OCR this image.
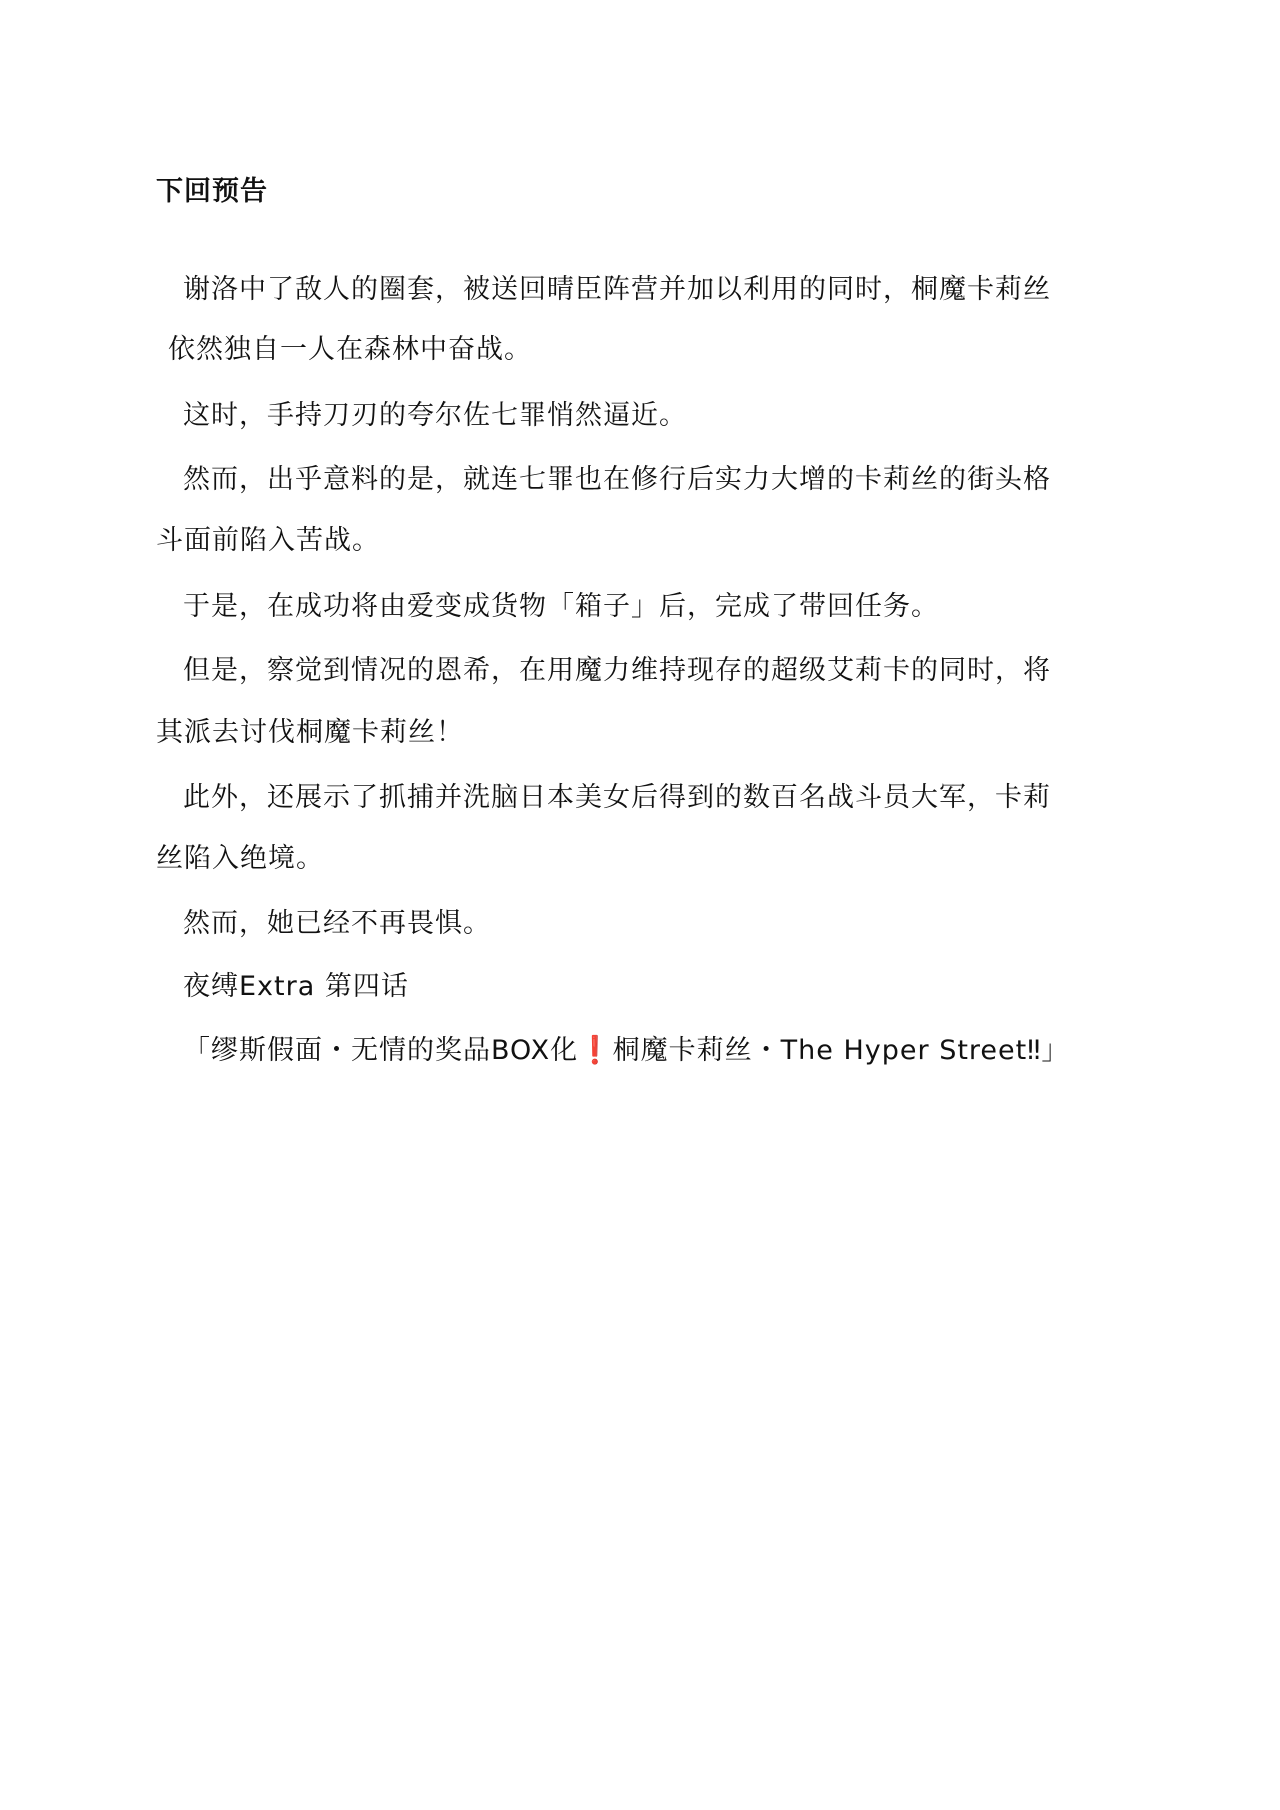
下回预告
谢洛中了敌人的圈套，被送回晴臣阵营并加以利用的同时，桐魔卡莉丝
依然独自一人在森林中奋战。
这时，手持刀刃的夸尔佐七罪悄然逼近。
然而，出乎意料的是，就连七罪也在修行后实力大增的卡莉丝的街头格
斗面前陷入苦战。
于是，在成功将由爱变成货物「箱子」后，完成了带回任务。
但是，察觉到情况的恩希，在用魔力维持现存的超级艾莉卡的同时，将
其派去讨伐桐魔卡莉丝！
此外，还展示了抓捕并洗脑日本美女后得到的数百名战斗员大军，卡莉
丝陷入绝境。
然而，她已经不再畏惧。
夜缚Extra 第四话
「缪斯假面・无情的奖品BOX化❗桐魔卡莉丝・The Hyper Street‼」
